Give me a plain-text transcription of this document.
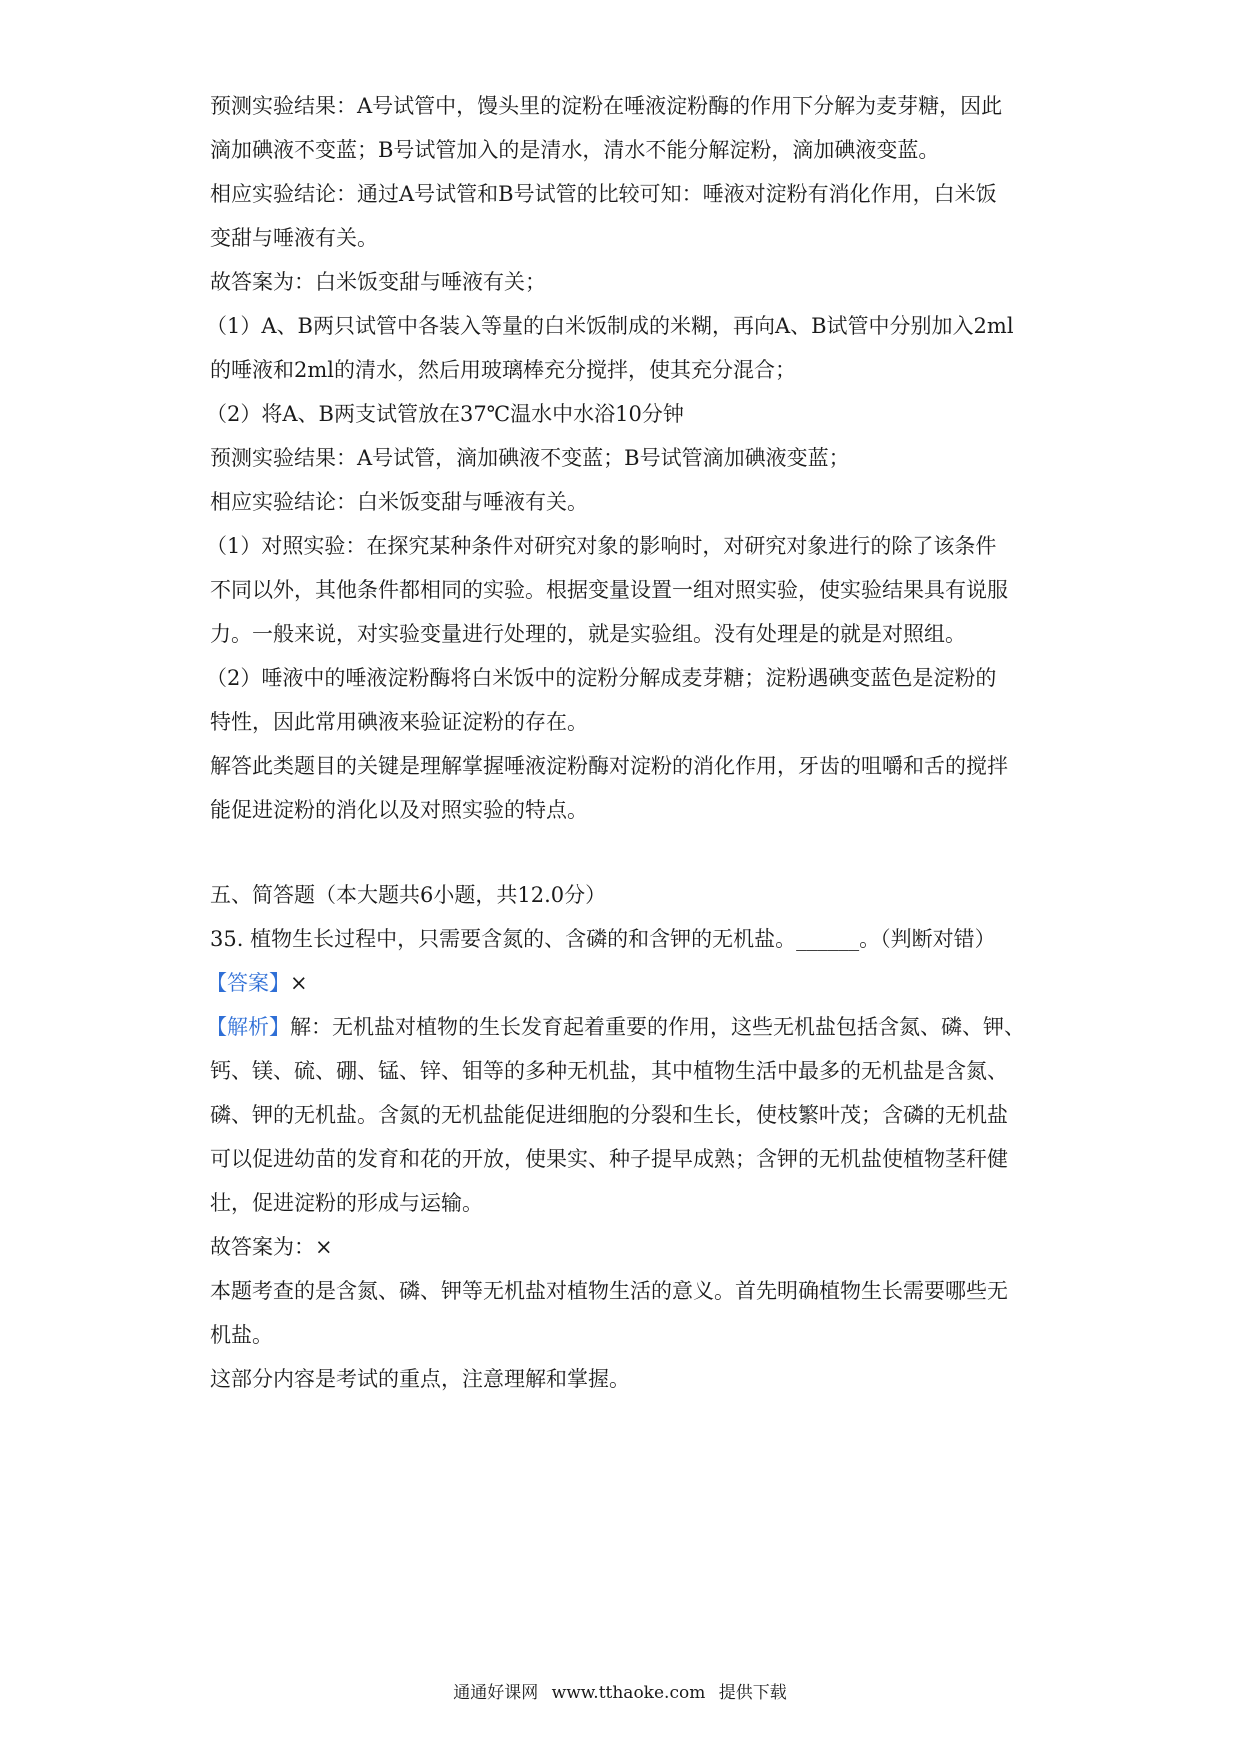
预测实验结果：A号试管中，馒头里的淀粉在唾液淀粉酶的作用下分解为麦芽糖，因此
滴加碘液不变蓝；B号试管加入的是清水，清水不能分解淀粉，滴加碘液变蓝。
相应实验结论：通过A号试管和B号试管的比较可知：唾液对淀粉有消化作用，白米饭
变甜与唾液有关。
故答案为：白米饭变甜与唾液有关；
（1）A、B两只试管中各装入等量的白米饭制成的米糊，再向A、B试管中分别加入2ml
的唾液和2ml的清水，然后用玻璃棒充分搅拌，使其充分混合；
（2）将A、B两支试管放在37℃温水中水浴10分钟
预测实验结果：A号试管，滴加碘液不变蓝；B号试管滴加碘液变蓝；
相应实验结论：白米饭变甜与唾液有关。
（1）对照实验：在探究某种条件对研究对象的影响时，对研究对象进行的除了该条件
不同以外，其他条件都相同的实验。根据变量设置一组对照实验，使实验结果具有说服
力。一般来说，对实验变量进行处理的，就是实验组。没有处理是的就是对照组。
（2）唾液中的唾液淀粉酶将白米饭中的淀粉分解成麦芽糖；淀粉遇碘变蓝色是淀粉的
特性，因此常用碘液来验证淀粉的存在。
解答此类题目的关键是理解掌握唾液淀粉酶对淀粉的消化作用，牙齿的咀嚼和舌的搅拌
能促进淀粉的消化以及对照实验的特点。
五、简答题（本大题共6小题，共12.0分）
35. 植物生长过程中，只需要含氮的、含磷的和含钾的无机盐。______。（判断对错）
【答案】×
【解析】解：无机盐对植物的生长发育起着重要的作用，这些无机盐包括含氮、磷、钾、
钙、镁、硫、硼、锰、锌、钼等的多种无机盐，其中植物生活中最多的无机盐是含氮、
磷、钾的无机盐。含氮的无机盐能促进细胞的分裂和生长，使枝繁叶茂；含磷的无机盐
可以促进幼苗的发育和花的开放，使果实、种子提早成熟；含钾的无机盐使植物茎秆健
壮，促进淀粉的形成与运输。
故答案为：×
本题考查的是含氮、磷、钾等无机盐对植物生活的意义。首先明确植物生长需要哪些无
机盐。
这部分内容是考试的重点，注意理解和掌握。
通通好课网 www.tthaoke.com 提供下载
